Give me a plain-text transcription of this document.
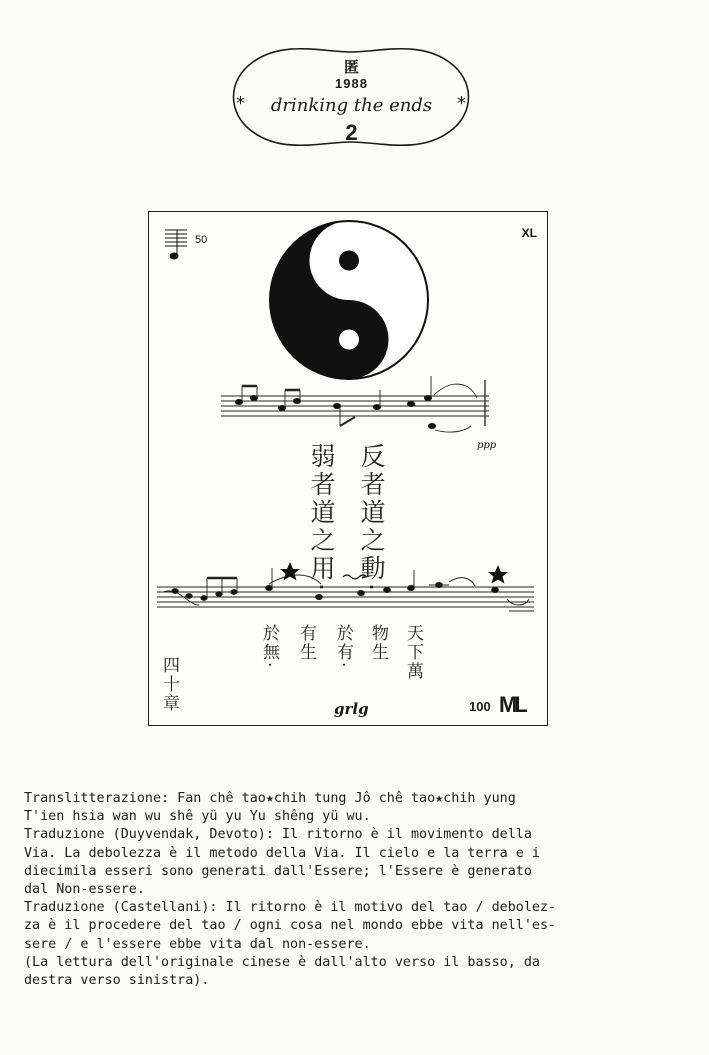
匿
1988
*	drinking the ends	*
2
ppp
XL
50
反者道之動·
弱者道之用·
天下萬
物生
於有·
有生
於無·
四十章	grlg	100 ML

Translitterazione: Fan chê tao★chih tung Jô chê tao★chih yung

T'ien hsia wan wu shê yü yu Yu shêng yü wu.

Traduzione (Duyvendak, Devoto): Il ritorno è il movimento della

Via. La debolezza è il metodo della Via. Il cielo e la terra e i

diecimila esseri sono generati dall'Essere; l'Essere è generato

dal Non-essere.

Traduzione (Castellani): Il ritorno è il motivo del tao / debolez-

za è il procedere del tao / ogni cosa nel mondo ebbe vita nell'es-

sere / e l'essere ebbe vita dal non-essere.

(La lettura dell'originale cinese è dall'alto verso il basso, da

destra verso sinistra).
